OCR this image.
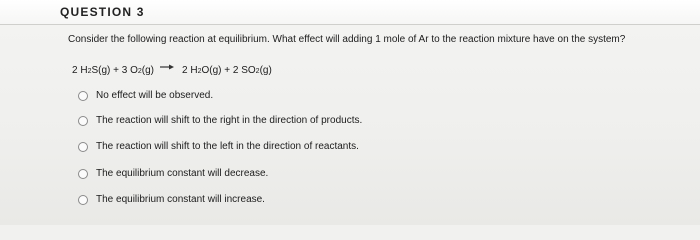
QUESTION 3
Consider the following reaction at equilibrium. What effect will adding 1 mole of Ar to the reaction mixture have on the system?
2 H 2 S(g) + 3 O 2 (g) → 2 H 2 O(g) + 2 SO 2 (g)
No effect will be observed.
The reaction will shift to the right in the direction of products.
The reaction will shift to the left in the direction of reactants.
The equilibrium constant will decrease.
The equilibrium constant will increase.
